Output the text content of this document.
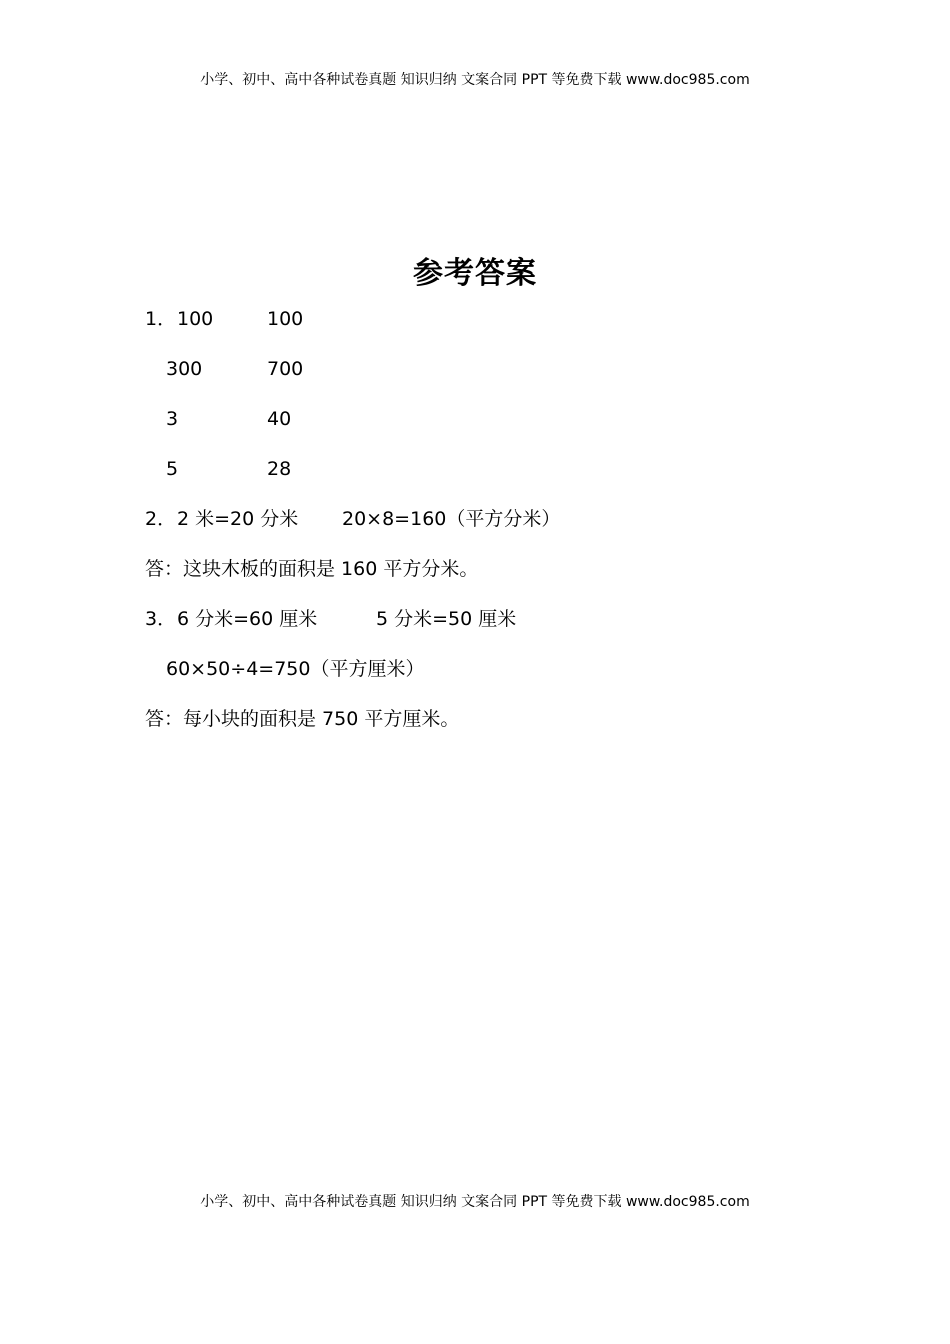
小学、初中、高中各种试卷真题 知识归纳 文案合同 PPT 等免费下载 www.doc985.com
参考答案
1． 100	100
300	700
3	40
5	28
2． 2 米=20 分米 20×8=160（平方分米）
答：这块木板的面积是 160 平方分米。
3． 6 分米=60 厘米	5 分米=50 厘米
60×50÷4=750（平方厘米）
答：每小块的面积是 750 平方厘米。
小学、初中、高中各种试卷真题 知识归纳 文案合同 PPT 等免费下载 www.doc985.com
